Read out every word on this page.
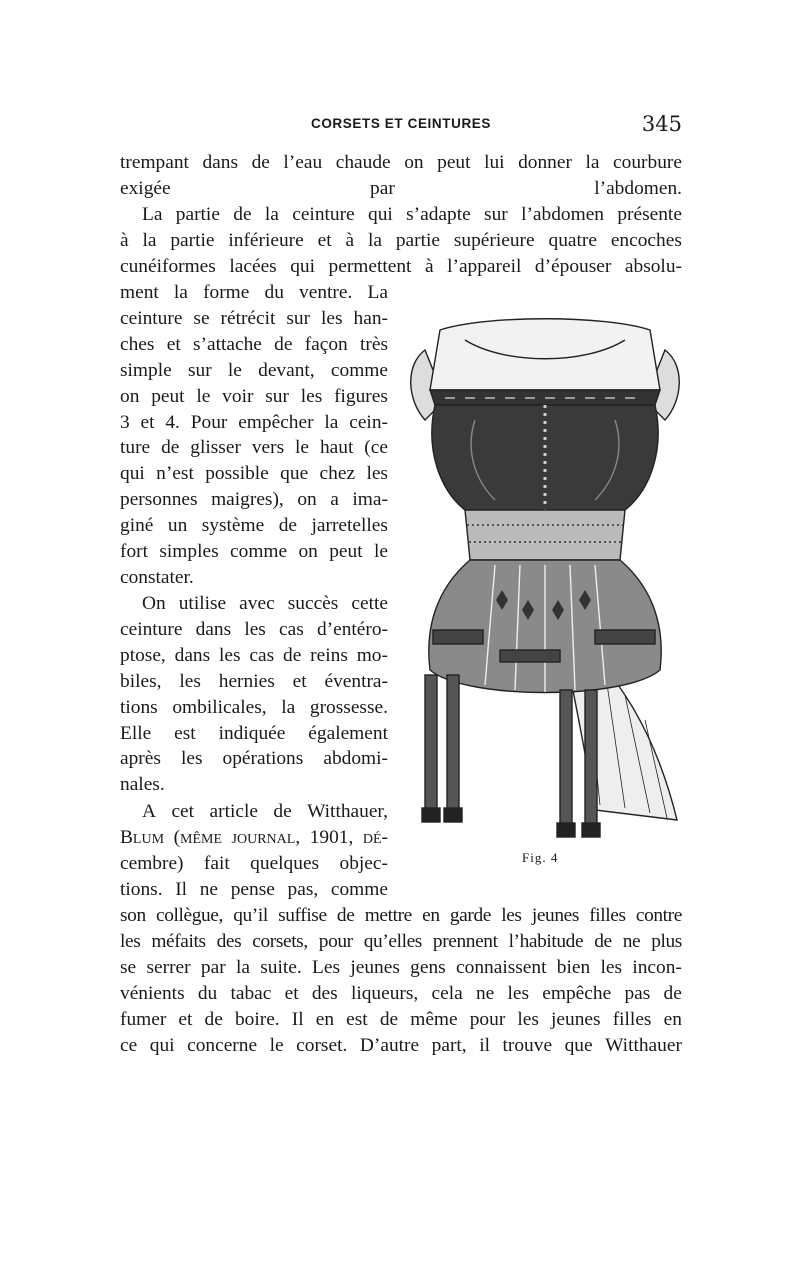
CORSETS ET CEINTURES	345
trempant dans de l’eau chaude on peut lui donner la courbure
exigée par l’abdomen.
La partie de la ceinture qui s’adapte sur l’abdomen présente
à la partie inférieure et à la partie supérieure quatre encoches
cunéiformes lacées qui permettent à l’appareil d’épouser absolu-
ment la forme du ventre. La
ceinture se rétrécit sur les han-
ches et s’attache de façon très
simple sur le devant, comme
on peut le voir sur les figures
3 et 4. Pour empêcher la cein-
ture de glisser vers le haut (ce
qui n’est possible que chez les
personnes maigres), on a ima-
giné un système de jarretelles
fort simples comme on peut le
constater.
On utilise avec succès cette
ceinture dans les cas d’entéro-
ptose, dans les cas de reins mo-
biles, les hernies et éventra-
tions ombilicales, la grossesse.
Elle est indiquée également
après les opérations abdomi-
nales.
A cet article de Witthauer,
Blum (même journal, 1901, dé-
cembre) fait quelques objec-
tions. Il ne pense pas, comme
son collègue, qu’il suffise de mettre en garde les jeunes filles contre
les méfaits des corsets, pour qu’elles prennent l’habitude de ne plus
se serrer par la suite. Les jeunes gens connaissent bien les incon-
vénients du tabac et des liqueurs, cela ne les empêche pas de
fumer et de boire. Il en est de même pour les jeunes filles en
ce qui concerne le corset. D’autre part, il trouve que Witthauer
Fig. 4
